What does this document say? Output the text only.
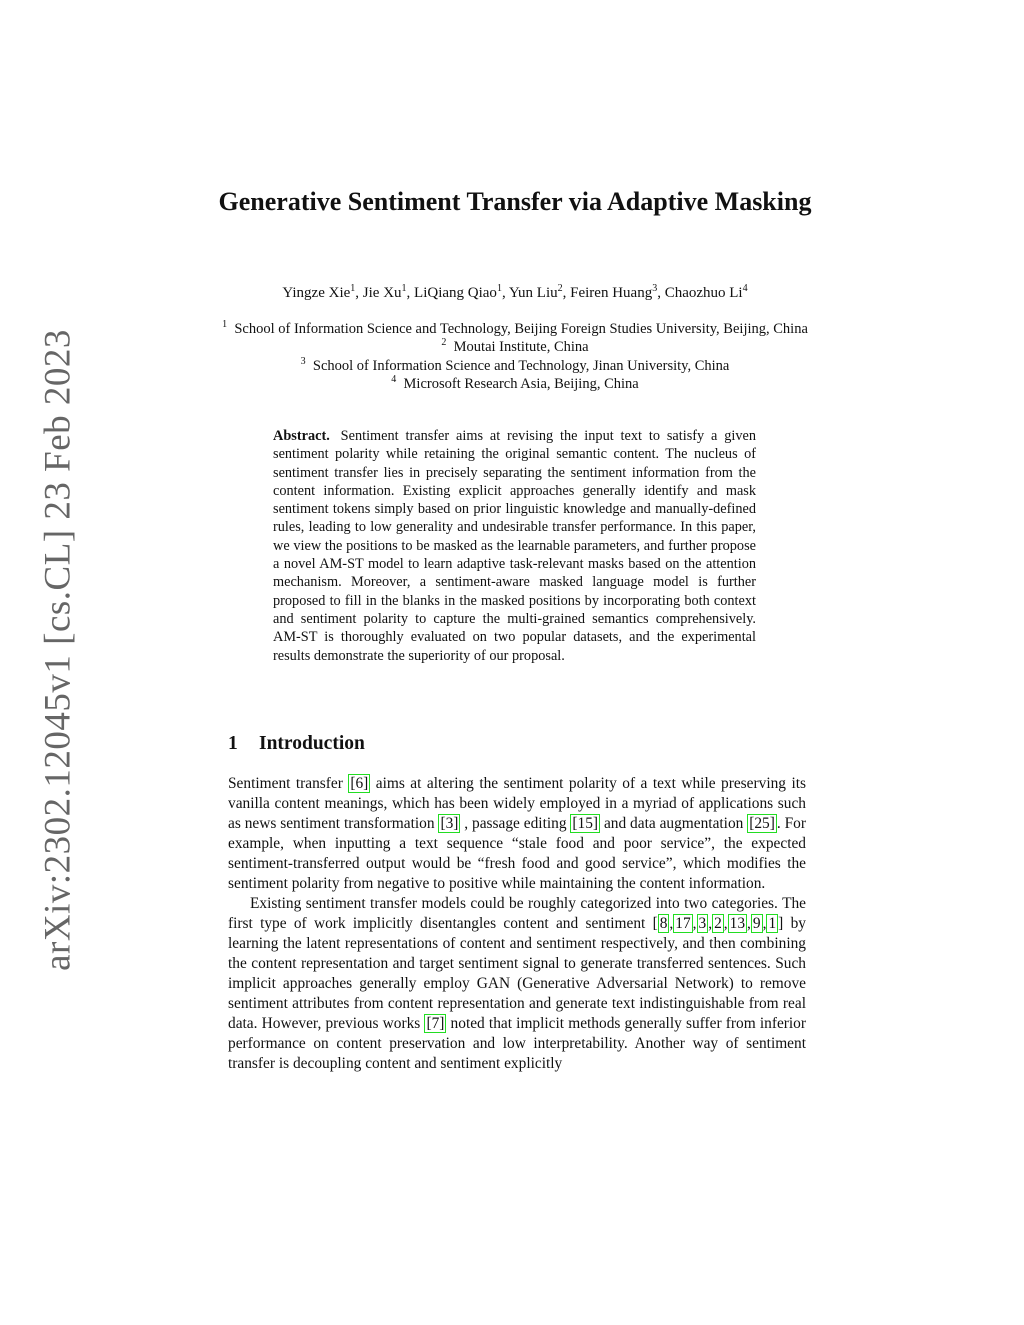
arXiv:2302.12045v1 [cs.CL] 23 Feb 2023
Generative Sentiment Transfer via Adaptive Masking
Yingze Xie$^1$, Jie Xu$^1$, LiQiang Qiao$^1$, Yun Liu$^2$, Feiren Huang$^3$, Chaozhuo Li$^4$
$^1$ School of Information Science and Technology, Beijing Foreign Studies University, Beijing, China
$^2$ Moutai Institute, China
$^3$ School of Information Science and Technology, Jinan University, China
$^4$ Microsoft Research Asia, Beijing, China
Abstract. Sentiment transfer aims at revising the input text to satisfy a given sentiment polarity while retaining the original semantic content. The nucleus of sentiment transfer lies in precisely separating the sentiment information from the content information. Existing explicit approaches generally identify and mask sentiment tokens simply based on prior linguistic knowledge and manually-defined rules, leading to low generality and undesirable transfer performance. In this paper, we view the positions to be masked as the learnable parameters, and further propose a novel AM-ST model to learn adaptive task-relevant masks based on the attention mechanism. Moreover, a sentiment-aware masked language model is further proposed to fill in the blanks in the masked positions by incorporating both context and sentiment polarity to capture the multi-grained semantics comprehensively. AM-ST is thoroughly evaluated on two popular datasets, and the experimental results demonstrate the superiority of our proposal.
1 Introduction

Sentiment transfer [6] aims at altering the sentiment polarity of a text while preserving its vanilla content meanings, which has been widely employed in a myriad of applications such as news sentiment transformation [3] , passage editing [15] and data augmentation [25] . For example, when inputting a text sequence “stale food and poor service”, the expected sentiment-transferred output would be “fresh food and good service”, which modifies the sentiment polarity from negative to positive while maintaining the content information.

Existing sentiment transfer models could be roughly categorized into two categories. The first type of work implicitly disentangles content and sentiment [ 8 , 17 , 3 , 2 , 13 , 9 , 1 ] by learning the latent representations of content and sentiment respectively, and then combining the content representation and target sentiment signal to generate transferred sentences. Such implicit approaches generally employ GAN (Generative Adversarial Network) to remove sentiment attributes from content representation and generate text indistinguishable from real data. However, previous works [7] noted that implicit methods generally suffer from inferior performance on content preservation and low interpretability. Another way of sentiment transfer is decoupling content and sentiment explicitly
